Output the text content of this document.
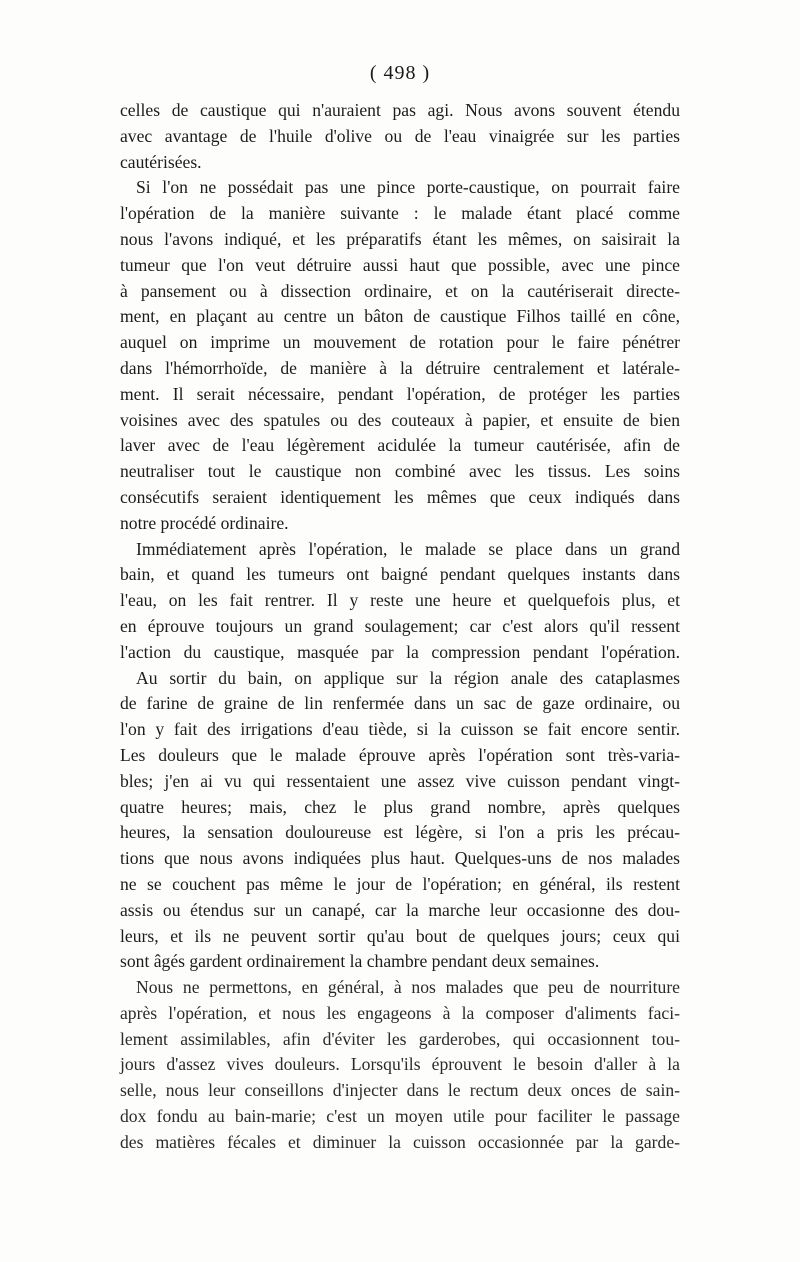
( 498 )
celles de caustique qui n'auraient pas agi. Nous avons souvent étendu
avec avantage de l'huile d'olive ou de l'eau vinaigrée sur les parties
cautérisées.
Si l'on ne possédait pas une pince porte-caustique, on pourrait faire
l'opération de la manière suivante : le malade étant placé comme
nous l'avons indiqué, et les préparatifs étant les mêmes, on saisirait la
tumeur que l'on veut détruire aussi haut que possible, avec une pince
à pansement ou à dissection ordinaire, et on la cautériserait directe-
ment, en plaçant au centre un bâton de caustique Filhos taillé en cône,
auquel on imprime un mouvement de rotation pour le faire pénétrer
dans l'hémorrhoïde, de manière à la détruire centralement et latérale-
ment. Il serait nécessaire, pendant l'opération, de protéger les parties
voisines avec des spatules ou des couteaux à papier, et ensuite de bien
laver avec de l'eau légèrement acidulée la tumeur cautérisée, afin de
neutraliser tout le caustique non combiné avec les tissus. Les soins
consécutifs seraient identiquement les mêmes que ceux indiqués dans
notre procédé ordinaire.
Immédiatement après l'opération, le malade se place dans un grand
bain, et quand les tumeurs ont baigné pendant quelques instants dans
l'eau, on les fait rentrer. Il y reste une heure et quelquefois plus, et
en éprouve toujours un grand soulagement; car c'est alors qu'il ressent
l'action du caustique, masquée par la compression pendant l'opération.
Au sortir du bain, on applique sur la région anale des cataplasmes
de farine de graine de lin renfermée dans un sac de gaze ordinaire, ou
l'on y fait des irrigations d'eau tiède, si la cuisson se fait encore sentir.
Les douleurs que le malade éprouve après l'opération sont très-varia-
bles; j'en ai vu qui ressentaient une assez vive cuisson pendant vingt-
quatre heures; mais, chez le plus grand nombre, après quelques
heures, la sensation douloureuse est légère, si l'on a pris les précau-
tions que nous avons indiquées plus haut. Quelques-uns de nos malades
ne se couchent pas même le jour de l'opération; en général, ils restent
assis ou étendus sur un canapé, car la marche leur occasionne des dou-
leurs, et ils ne peuvent sortir qu'au bout de quelques jours; ceux qui
sont âgés gardent ordinairement la chambre pendant deux semaines.
Nous ne permettons, en général, à nos malades que peu de nourriture
après l'opération, et nous les engageons à la composer d'aliments faci-
lement assimilables, afin d'éviter les garderobes, qui occasionnent tou-
jours d'assez vives douleurs. Lorsqu'ils éprouvent le besoin d'aller à la
selle, nous leur conseillons d'injecter dans le rectum deux onces de sain-
dox fondu au bain-marie; c'est un moyen utile pour faciliter le passage
des matières fécales et diminuer la cuisson occasionnée par la garde-
